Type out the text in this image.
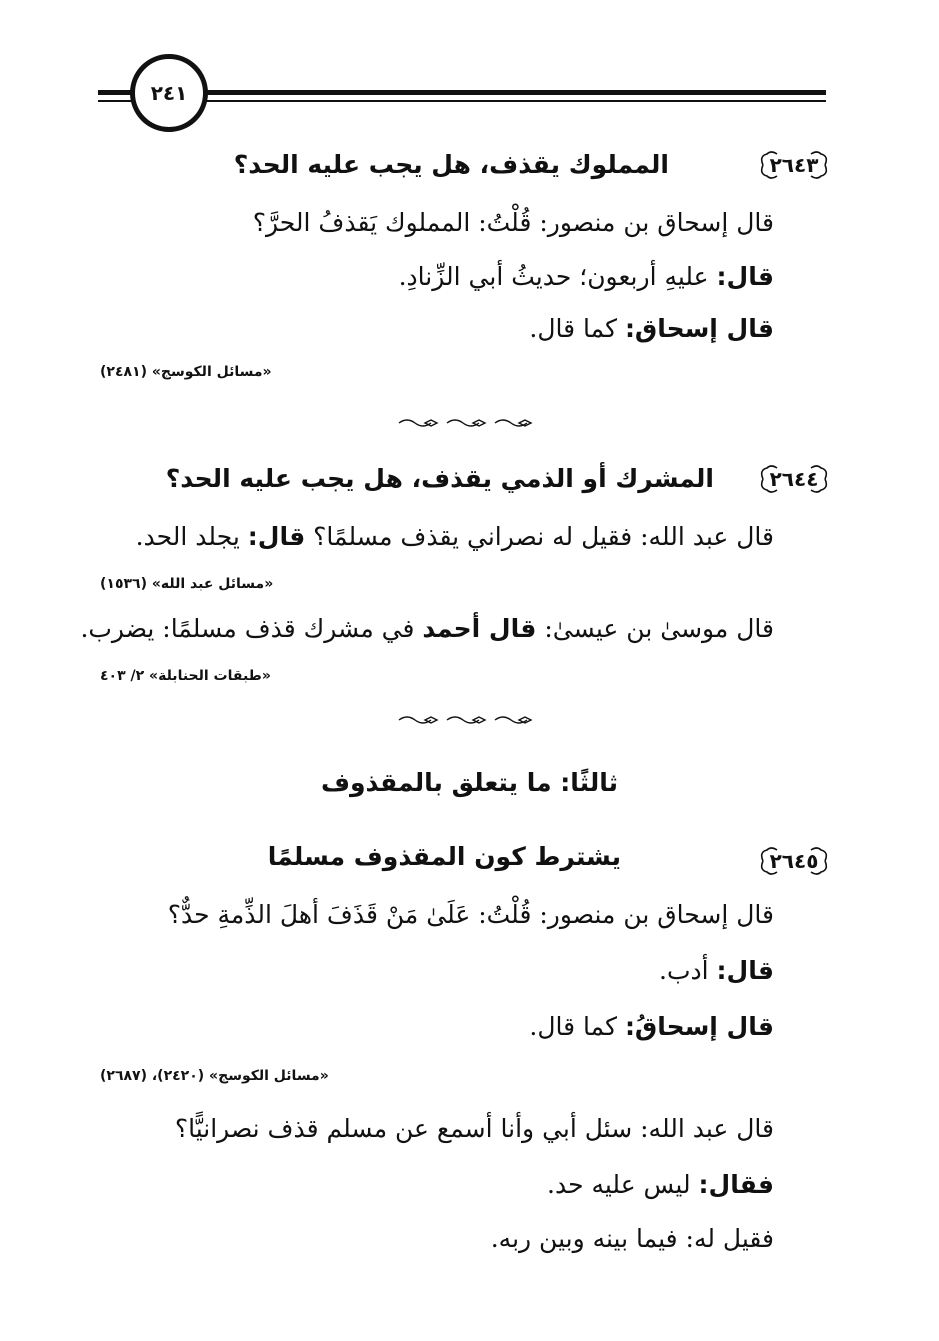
٢٤١
٢٦٤٣
المملوك يقذف، هل يجب عليه الحد؟
قال إسحاق بن منصور: قُلْتُ: المملوك يَقذفُ الحرَّ؟
قال: عليهِ أربعون؛ حديثُ أبي الزِّنادِ.
قال إسحاق: كما قال.
«مسائل الكوسج» (٢٤٨١)
٢٦٤٤
المشرك أو الذمي يقذف، هل يجب عليه الحد؟
قال عبد الله: فقيل له نصراني يقذف مسلمًا؟ قال: يجلد الحد.
«مسائل عبد الله» (١٥٣٦)
قال موسىٰ بن عيسىٰ: قال أحمد في مشرك قذف مسلمًا: يضرب.
«طبقات الحنابلة» ٢/ ٤٠٣
ثالثًا: ما يتعلق بالمقذوف
٢٦٤٥
يشترط كون المقذوف مسلمًا
قال إسحاق بن منصور: قُلْتُ: عَلَىٰ مَنْ قَذَفَ أهلَ الذِّمةِ حدٌّ؟
قال: أدب.
قال إسحاقُ: كما قال.
«مسائل الكوسج» (٢٤٢٠)، (٢٦٨٧)
قال عبد الله: سئل أبي وأنا أسمع عن مسلم قذف نصرانيًّا؟
فقال: ليس عليه حد.
فقيل له: فيما بينه وبين ربه.
